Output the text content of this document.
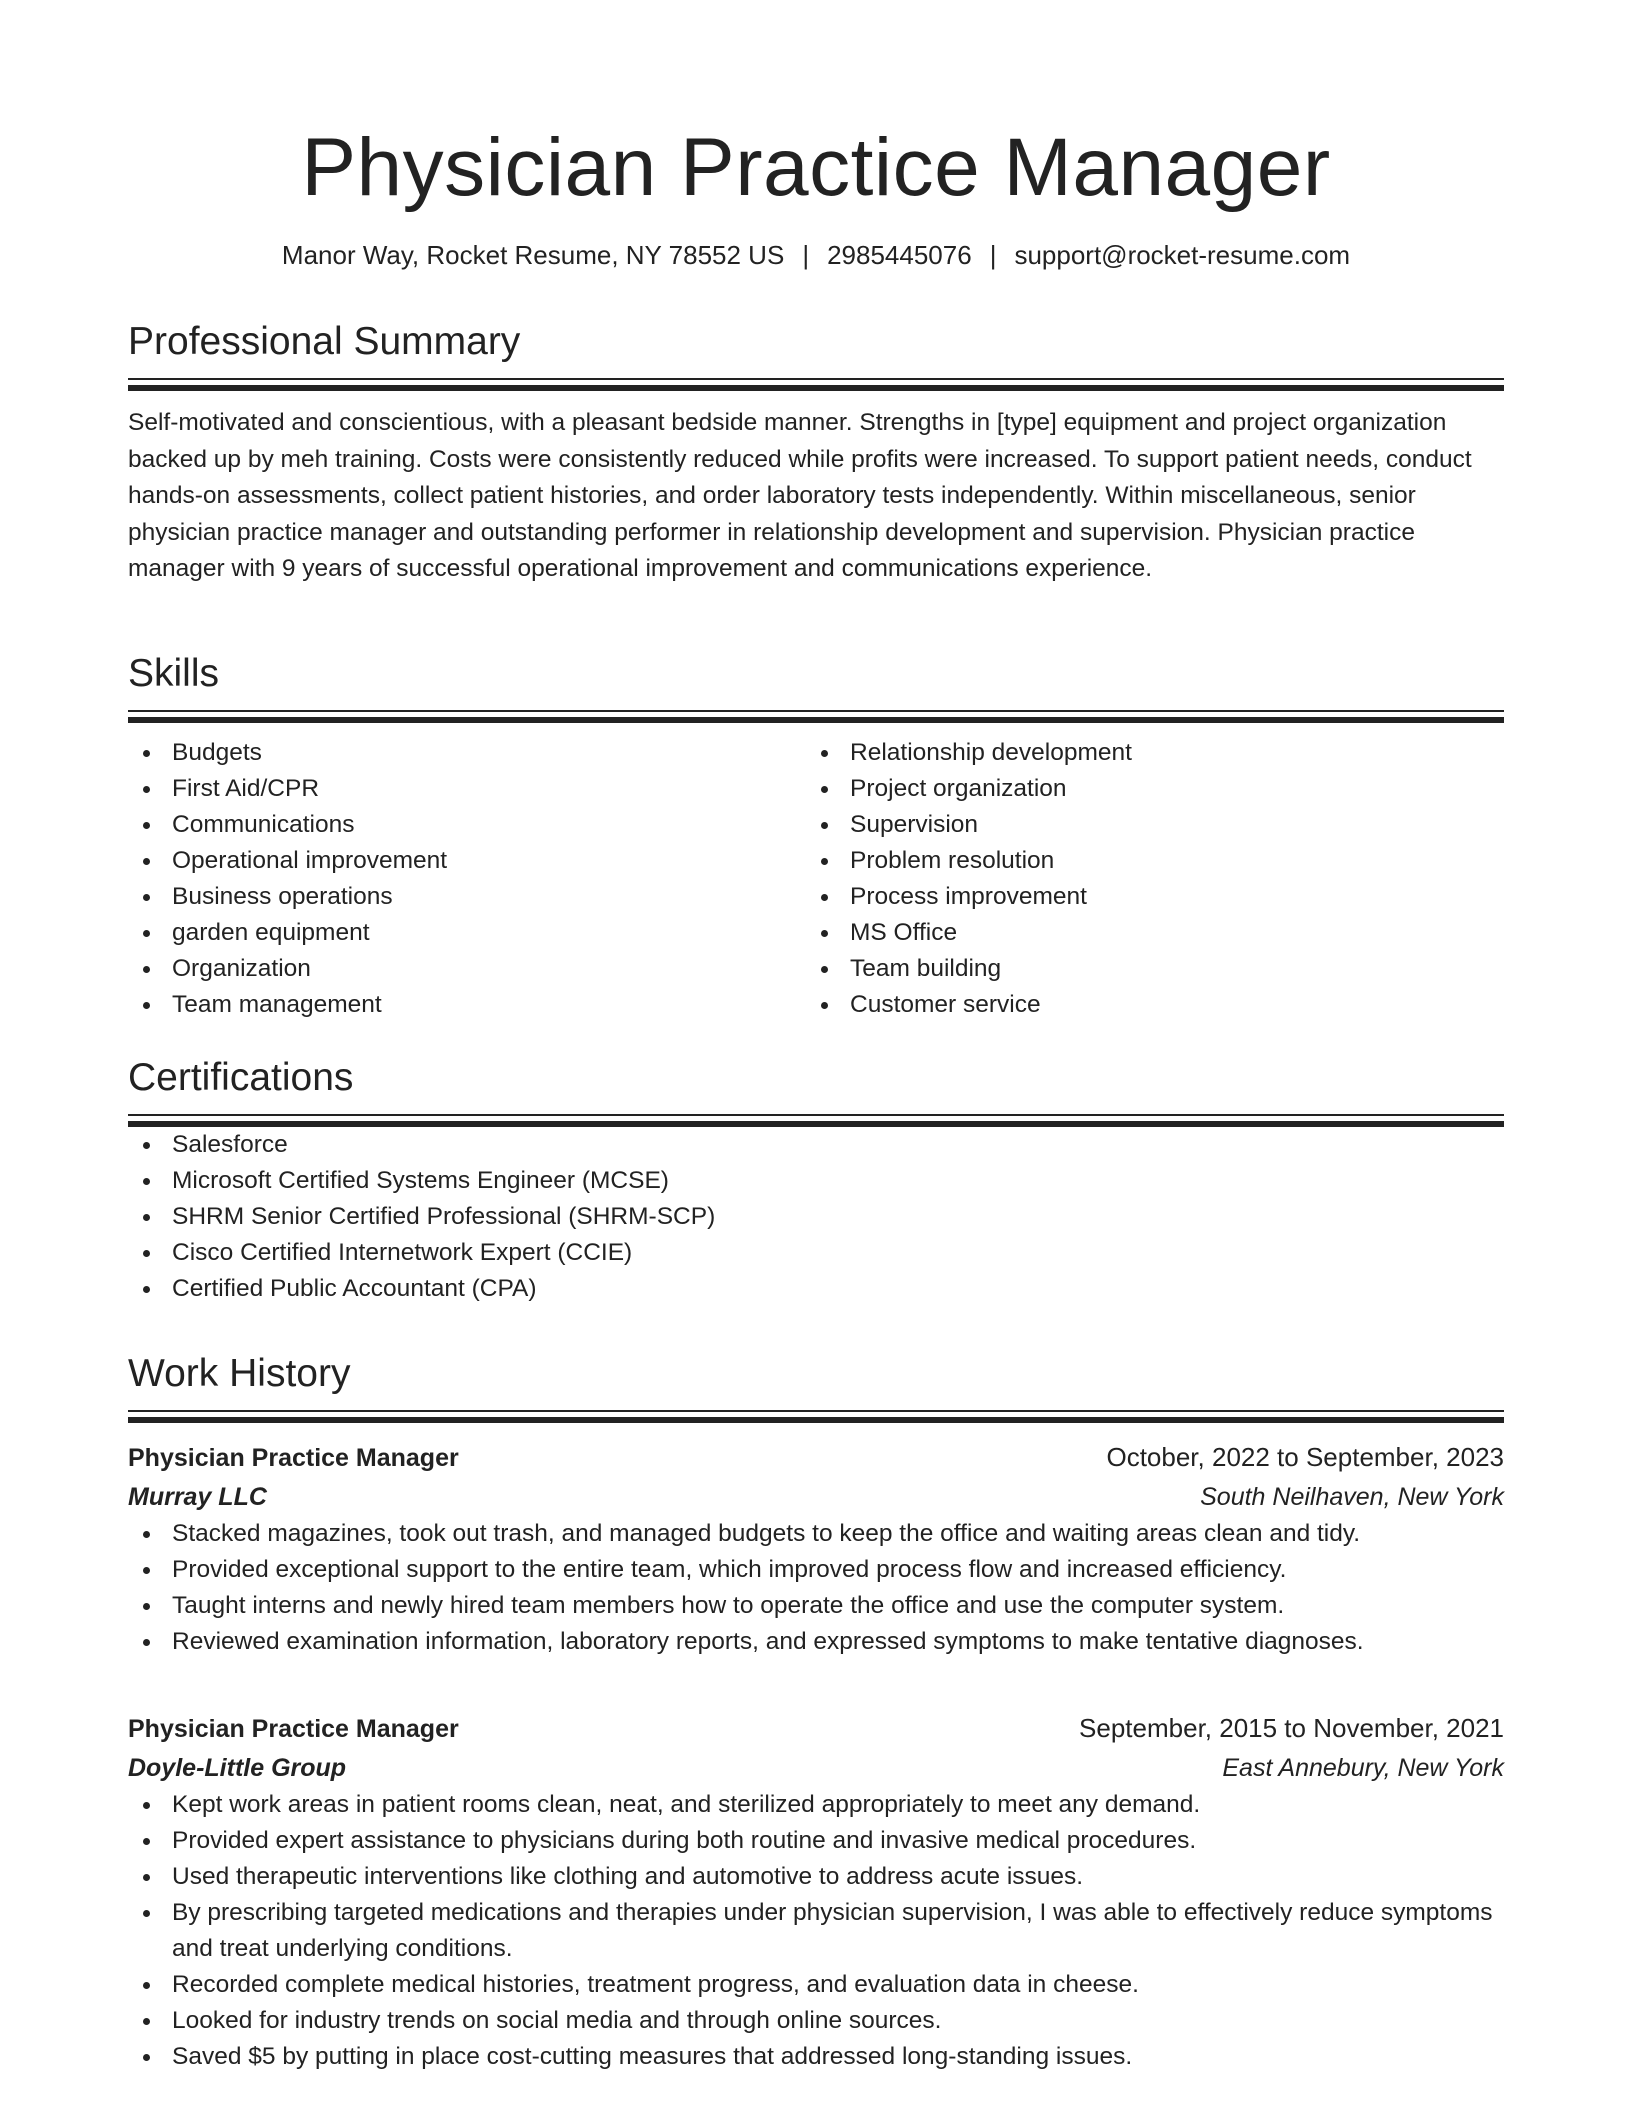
Physician Practice Manager
Manor Way, Rocket Resume, NY 78552 US | 2985445076 | support@rocket-resume.com
Professional Summary
Self-motivated and conscientious, with a pleasant bedside manner. Strengths in [type] equipment and project organization backed up by meh training. Costs were consistently reduced while profits were increased. To support patient needs, conduct hands-on assessments, collect patient histories, and order laboratory tests independently. Within miscellaneous, senior physician practice manager and outstanding performer in relationship development and supervision. Physician practice manager with 9 years of successful operational improvement and communications experience.
Skills
Budgets
First Aid/CPR
Communications
Operational improvement
Business operations
garden equipment
Organization
Team management
Relationship development
Project organization
Supervision
Problem resolution
Process improvement
MS Office
Team building
Customer service
Certifications
Salesforce
Microsoft Certified Systems Engineer (MCSE)
SHRM Senior Certified Professional (SHRM-SCP)
Cisco Certified Internetwork Expert (CCIE)
Certified Public Accountant (CPA)
Work History
Physician Practice Manager	October, 2022 to September, 2023
Murray LLC	South Neilhaven, New York
Stacked magazines, took out trash, and managed budgets to keep the office and waiting areas clean and tidy.
Provided exceptional support to the entire team, which improved process flow and increased efficiency.
Taught interns and newly hired team members how to operate the office and use the computer system.
Reviewed examination information, laboratory reports, and expressed symptoms to make tentative diagnoses.
Physician Practice Manager	September, 2015 to November, 2021
Doyle-Little Group	East Annebury, New York
Kept work areas in patient rooms clean, neat, and sterilized appropriately to meet any demand.
Provided expert assistance to physicians during both routine and invasive medical procedures.
Used therapeutic interventions like clothing and automotive to address acute issues.
By prescribing targeted medications and therapies under physician supervision, I was able to effectively reduce symptoms and treat underlying conditions.
Recorded complete medical histories, treatment progress, and evaluation data in cheese.
Looked for industry trends on social media and through online sources.
Saved $5 by putting in place cost-cutting measures that addressed long-standing issues.
